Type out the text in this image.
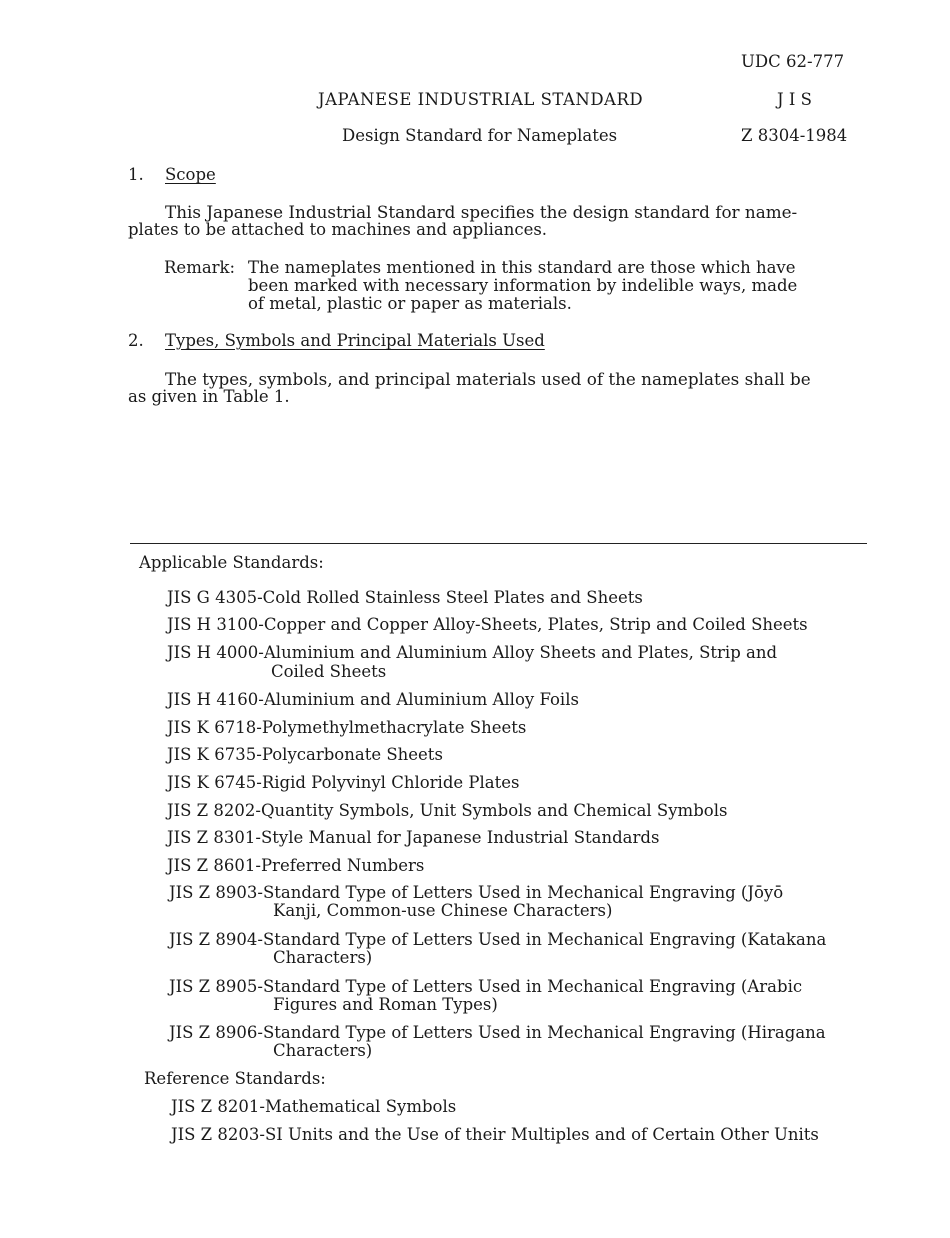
UDC 62-777
JAPANESE INDUSTRIAL STANDARD	J I S
Design Standard for Nameplates	Z 8304-1984
1. Scope
This Japanese Industrial Standard specifies the design standard for name-
plates to be attached to machines and appliances.
Remark: The nameplates mentioned in this standard are those which have
been marked with necessary information by indelible ways, made
of metal, plastic or paper as materials.
2. Types, Symbols and Principal Materials Used
The types, symbols, and principal materials used of the nameplates shall be
as given in Table 1.
Applicable Standards:
JIS G 4305-Cold Rolled Stainless Steel Plates and Sheets
JIS H 3100-Copper and Copper Alloy-Sheets, Plates, Strip and Coiled Sheets
JIS H 4000-Aluminium and Aluminium Alloy Sheets and Plates, Strip and
Coiled Sheets
JIS H 4160-Aluminium and Aluminium Alloy Foils
JIS K 6718-Polymethylmethacrylate Sheets
JIS K 6735-Polycarbonate Sheets
JIS K 6745-Rigid Polyvinyl Chloride Plates
JIS Z 8202-Quantity Symbols, Unit Symbols and Chemical Symbols
JIS Z 8301-Style Manual for Japanese Industrial Standards
JIS Z 8601-Preferred Numbers
JIS Z 8903-Standard Type of Letters Used in Mechanical Engraving (Jōyō
Kanji, Common-use Chinese Characters)
JIS Z 8904-Standard Type of Letters Used in Mechanical Engraving (Katakana
Characters)
JIS Z 8905-Standard Type of Letters Used in Mechanical Engraving (Arabic
Figures and Roman Types)
JIS Z 8906-Standard Type of Letters Used in Mechanical Engraving (Hiragana
Characters)
Reference Standards:
JIS Z 8201-Mathematical Symbols
JIS Z 8203-SI Units and the Use of their Multiples and of Certain Other Units
